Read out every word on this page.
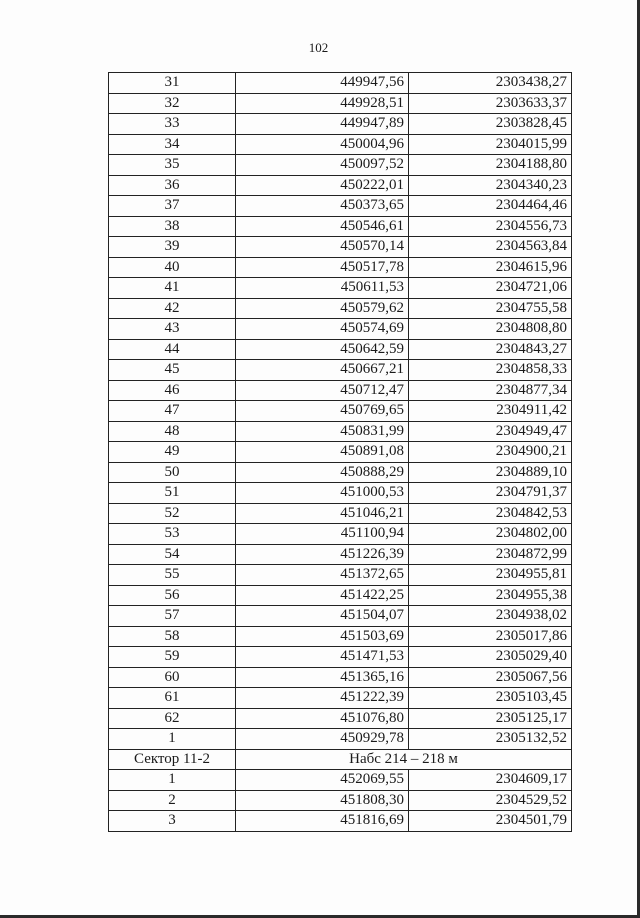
102
31	449947,56	2303438,27
32	449928,51	2303633,37
33	449947,89	2303828,45
34	450004,96	2304015,99
35	450097,52	2304188,80
36	450222,01	2304340,23
37	450373,65	2304464,46
38	450546,61	2304556,73
39	450570,14	2304563,84
40	450517,78	2304615,96
41	450611,53	2304721,06
42	450579,62	2304755,58
43	450574,69	2304808,80
44	450642,59	2304843,27
45	450667,21	2304858,33
46	450712,47	2304877,34
47	450769,65	2304911,42
48	450831,99	2304949,47
49	450891,08	2304900,21
50	450888,29	2304889,10
51	451000,53	2304791,37
52	451046,21	2304842,53
53	451100,94	2304802,00
54	451226,39	2304872,99
55	451372,65	2304955,81
56	451422,25	2304955,38
57	451504,07	2304938,02
58	451503,69	2305017,86
59	451471,53	2305029,40
60	451365,16	2305067,56
61	451222,39	2305103,45
62	451076,80	2305125,17
1	450929,78	2305132,52
Сектор 11-2	Набс 214 – 218 м	
1	452069,55	2304609,17
2	451808,30	2304529,52
3	451816,69	2304501,79
